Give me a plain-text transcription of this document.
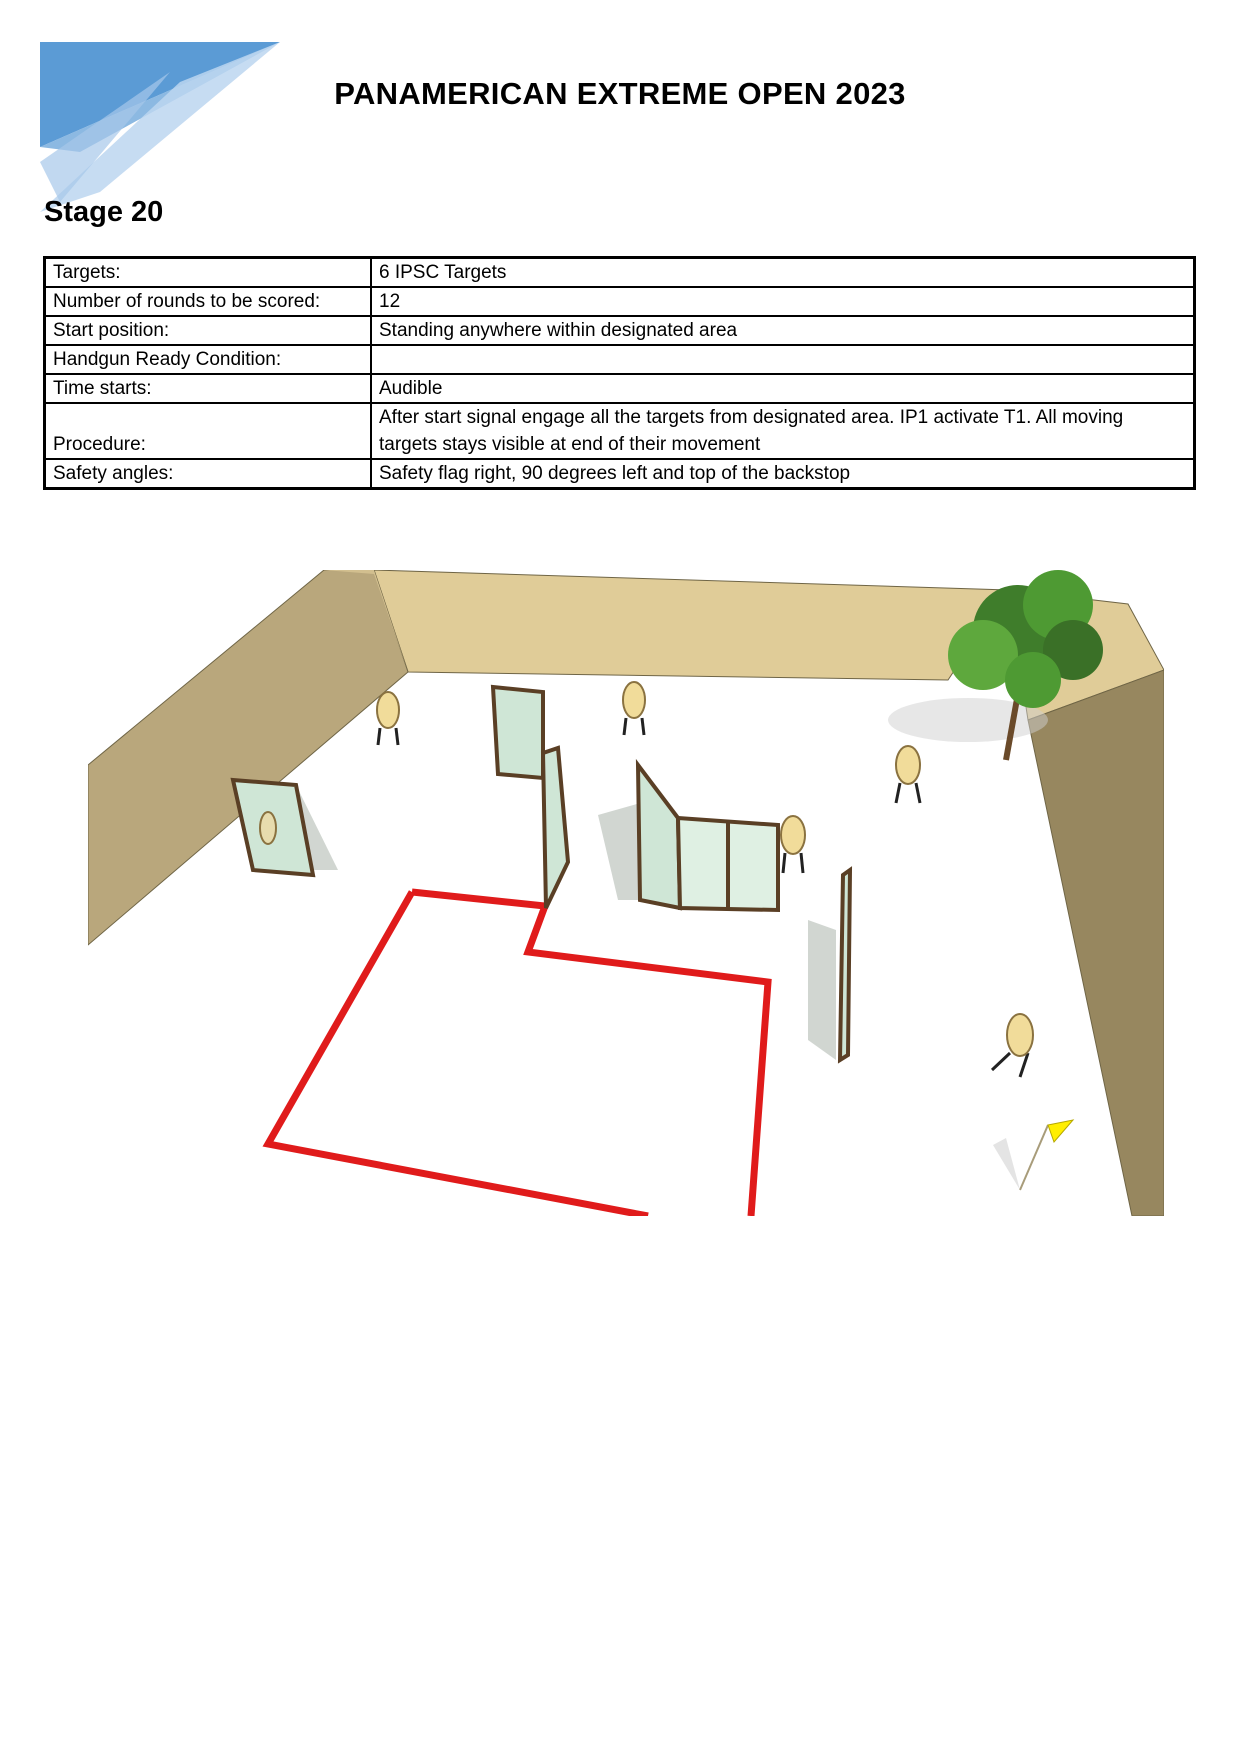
PANAMERICAN EXTREME OPEN 2023
Stage 20
Targets:	6 IPSC Targets
Number of rounds to be scored:	12
Start position:	Standing anywhere within designated area
Handgun Ready Condition:	
Time starts:	Audible
Procedure:	After start signal engage all the targets from designated area. IP1 activate T1. All moving targets stays visible at end of their movement
Safety angles:	Safety flag right, 90 degrees left and top of the backstop
